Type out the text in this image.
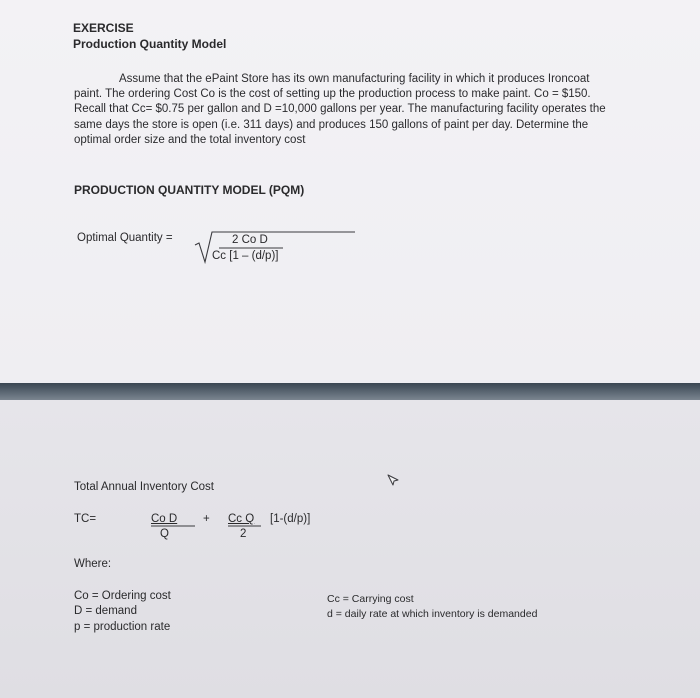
EXERCISE
Production Quantity Model
Assume that the ePaint Store has its own manufacturing facility in which it produces Ironcoat
paint. The ordering Cost Co is the cost of setting up the production process to make paint. Co = $150.
Recall that Cc= $0.75 per gallon and D =10,000 gallons per year. The manufacturing facility operates the
same days the store is open (i.e. 311 days) and produces 150 gallons of paint per day. Determine the
optimal order size and the total inventory cost
PRODUCTION QUANTITY MODEL (PQM)
Optimal Quantity =	2 Co D
Cc [1 – (d/p)]
Total Annual Inventory Cost
TC=	Co D
Q
+ Cc Q
2
[1-(d/p)]
Where:
Co = Ordering cost
D = demand
p = production rate
Cc = Carrying cost
d = daily rate at which inventory is demanded
